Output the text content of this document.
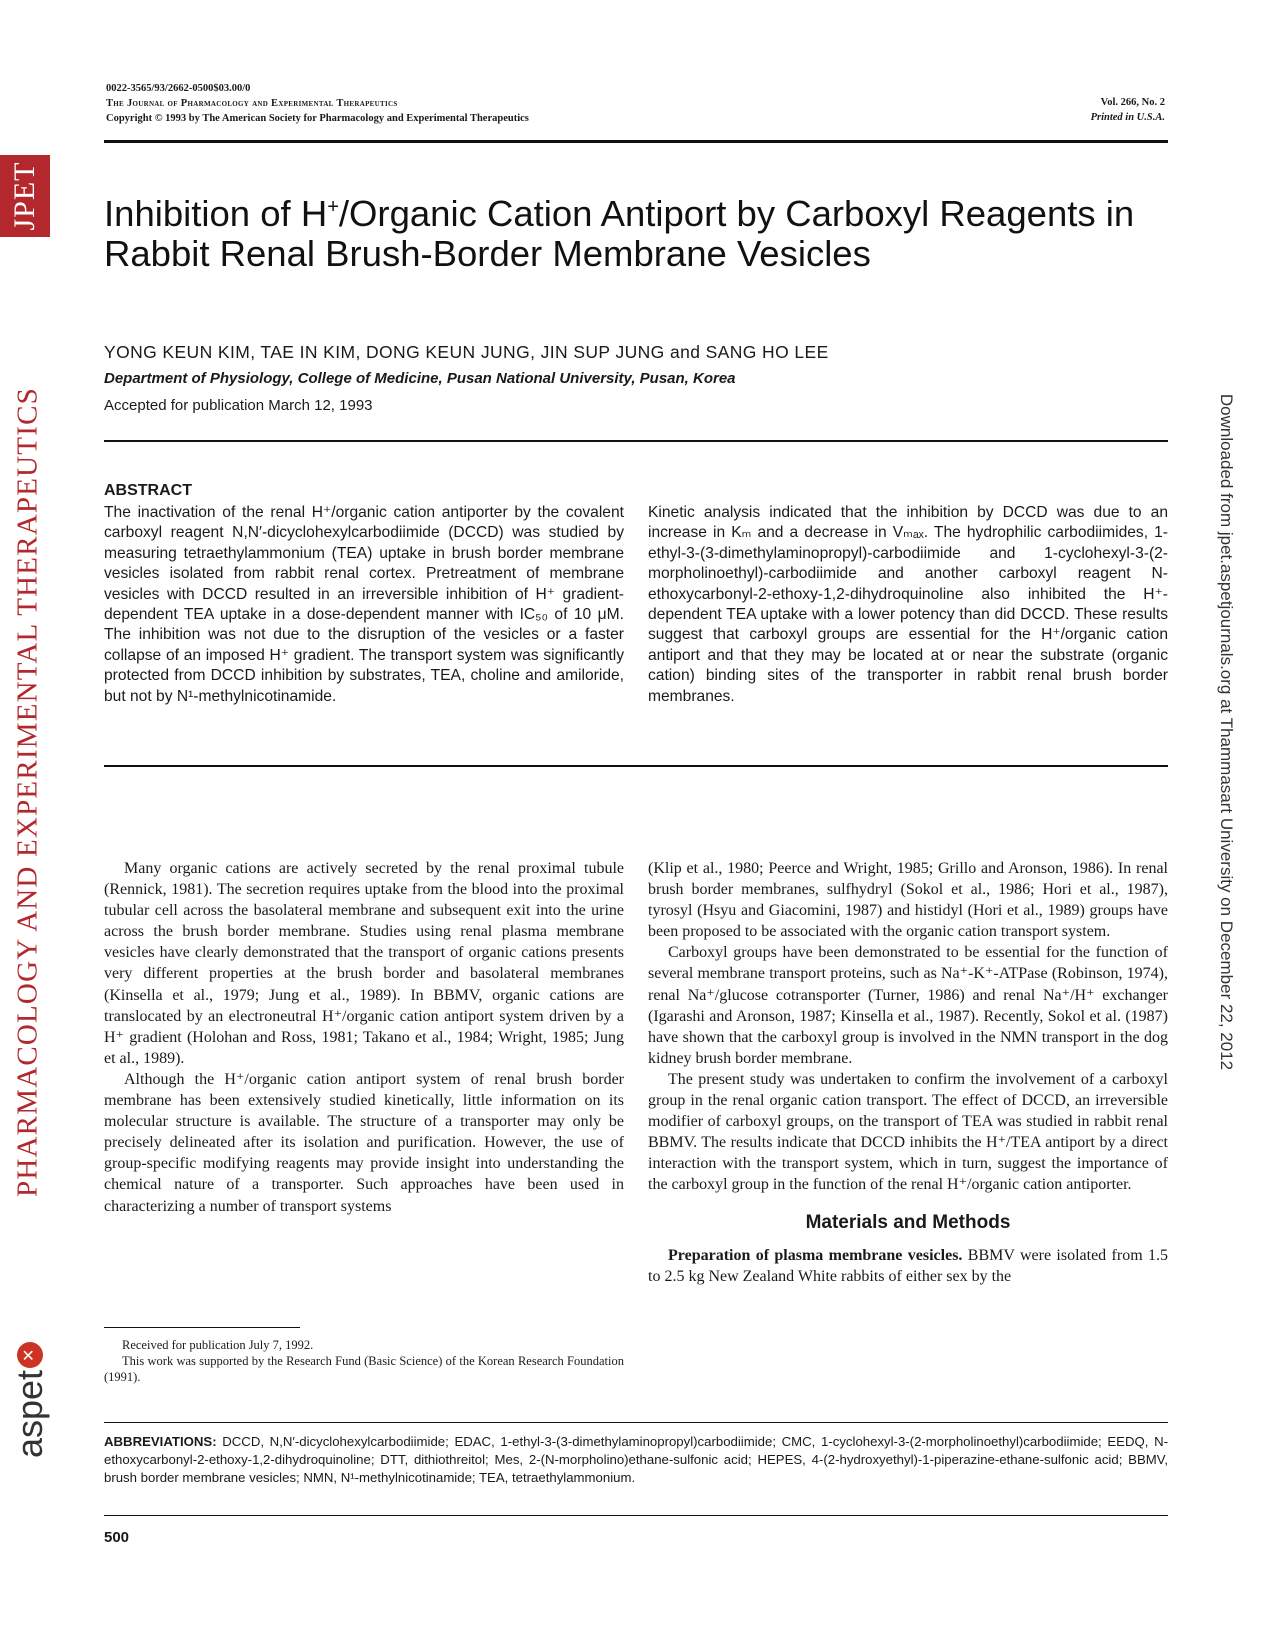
JPET
PHARMACOLOGY AND EXPERIMENTAL THERAPEUTICS
aspet
✕
Downloaded from jpet.aspetjournals.org at Thammasart University on December 22, 2012
0022-3565/93/2662-0500$03.00/0
The Journal of Pharmacology and Experimental Therapeutics
Copyright © 1993 by The American Society for Pharmacology and Experimental Therapeutics
Vol. 266, No. 2
Printed in U.S.A.
Inhibition of H+/Organic Cation Antiport by Carboxyl Reagents in
Rabbit Renal Brush-Border Membrane Vesicles
YONG KEUN KIM, TAE IN KIM, DONG KEUN JUNG, JIN SUP JUNG and SANG HO LEE
Department of Physiology, College of Medicine, Pusan National University, Pusan, Korea
Accepted for publication March 12, 1993
ABSTRACT
The inactivation of the renal H⁺/organic cation antiporter by the covalent carboxyl reagent N,N′-dicyclohexylcarbodiimide (DCCD) was studied by measuring tetraethylammonium (TEA) uptake in brush border membrane vesicles isolated from rabbit renal cortex. Pretreatment of membrane vesicles with DCCD resulted in an irreversible inhibition of H⁺ gradient-dependent TEA uptake in a dose-dependent manner with IC₅₀ of 10 μM. The inhibition was not due to the disruption of the vesicles or a faster collapse of an imposed H⁺ gradient. The transport system was significantly protected from DCCD inhibition by substrates, TEA, choline and amiloride, but not by N¹-methylnicotinamide.
Kinetic analysis indicated that the inhibition by DCCD was due to an increase in Kₘ and a decrease in Vₘₐₓ. The hydrophilic carbodiimides, 1-ethyl-3-(3-dimethylaminopropyl)-carbodiimide and 1-cyclohexyl-3-(2-morpholinoethyl)-carbodiimide and another carboxyl reagent N-ethoxycarbonyl-2-ethoxy-1,2-dihydroquinoline also inhibited the H⁺-dependent TEA uptake with a lower potency than did DCCD. These results suggest that carboxyl groups are essential for the H⁺/organic cation antiport and that they may be located at or near the substrate (organic cation) binding sites of the transporter in rabbit renal brush border membranes.

Many organic cations are actively secreted by the renal proximal tubule (Rennick, 1981). The secretion requires uptake from the blood into the proximal tubular cell across the basolateral membrane and subsequent exit into the urine across the brush border membrane. Studies using renal plasma membrane vesicles have clearly demonstrated that the transport of organic cations presents very different properties at the brush border and basolateral membranes (Kinsella et al., 1979; Jung et al., 1989). In BBMV, organic cations are translocated by an electroneutral H⁺/organic cation antiport system driven by a H⁺ gradient (Holohan and Ross, 1981; Takano et al., 1984; Wright, 1985; Jung et al., 1989).

Although the H⁺/organic cation antiport system of renal brush border membrane has been extensively studied kinetically, little information on its molecular structure is available. The structure of a transporter may only be precisely delineated after its isolation and purification. However, the use of group-specific modifying reagents may provide insight into understanding the chemical nature of a transporter. Such approaches have been used in characterizing a number of transport systems

(Klip et al., 1980; Peerce and Wright, 1985; Grillo and Aronson, 1986). In renal brush border membranes, sulfhydryl (Sokol et al., 1986; Hori et al., 1987), tyrosyl (Hsyu and Giacomini, 1987) and histidyl (Hori et al., 1989) groups have been proposed to be associated with the organic cation transport system.

Carboxyl groups have been demonstrated to be essential for the function of several membrane transport proteins, such as Na⁺-K⁺-ATPase (Robinson, 1974), renal Na⁺/glucose cotransporter (Turner, 1986) and renal Na⁺/H⁺ exchanger (Igarashi and Aronson, 1987; Kinsella et al., 1987). Recently, Sokol et al. (1987) have shown that the carboxyl group is involved in the NMN transport in the dog kidney brush border membrane.

The present study was undertaken to confirm the involvement of a carboxyl group in the renal organic cation transport. The effect of DCCD, an irreversible modifier of carboxyl groups, on the transport of TEA was studied in rabbit renal BBMV. The results indicate that DCCD inhibits the H⁺/TEA antiport by a direct interaction with the transport system, which in turn, suggest the importance of the carboxyl group in the function of the renal H⁺/organic cation antiporter.

Materials and Methods

Preparation of plasma membrane vesicles. BBMV were isolated from 1.5 to 2.5 kg New Zealand White rabbits of either sex by the

Received for publication July 7, 1992.

This work was supported by the Research Fund (Basic Science) of the Korean Research Foundation (1991).

ABBREVIATIONS: DCCD, N,N′-dicyclohexylcarbodiimide; EDAC, 1-ethyl-3-(3-dimethylaminopropyl)carbodiimide; CMC, 1-cyclohexyl-3-(2-morpholinoethyl)carbodiimide; EEDQ, N-ethoxycarbonyl-2-ethoxy-1,2-dihydroquinoline; DTT, dithiothreitol; Mes, 2-(N-morpholino)ethane-sulfonic acid; HEPES, 4-(2-hydroxyethyl)-1-piperazine-ethane-sulfonic acid; BBMV, brush border membrane vesicles; NMN, N¹-methylnicotinamide; TEA, tetraethylammonium.
500
